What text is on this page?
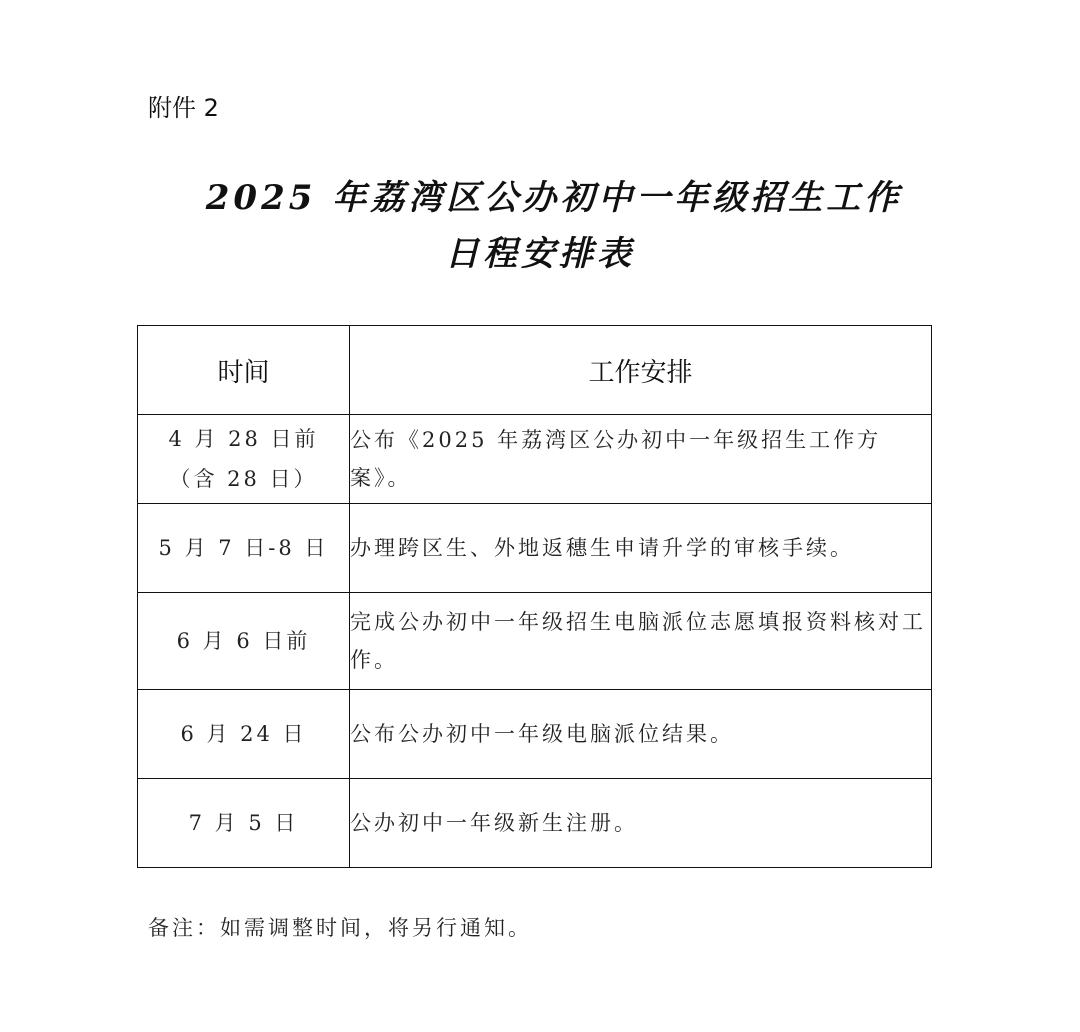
附件 2
2025 年荔湾区公办初中一年级招生工作
日程安排表
时间	工作安排

4 月 28 日前
（含 28 日）	公布《2025 年荔湾区公办初中一年级招生工作方案》。

5 月 7 日-8 日	办理跨区生、外地返穗生申请升学的审核手续。

6 月 6 日前	完成公办初中一年级招生电脑派位志愿填报资料核对工作。

6 月 24 日	公布公办初中一年级电脑派位结果。

7 月 5 日	公办初中一年级新生注册。
备注：如需调整时间，将另行通知。
